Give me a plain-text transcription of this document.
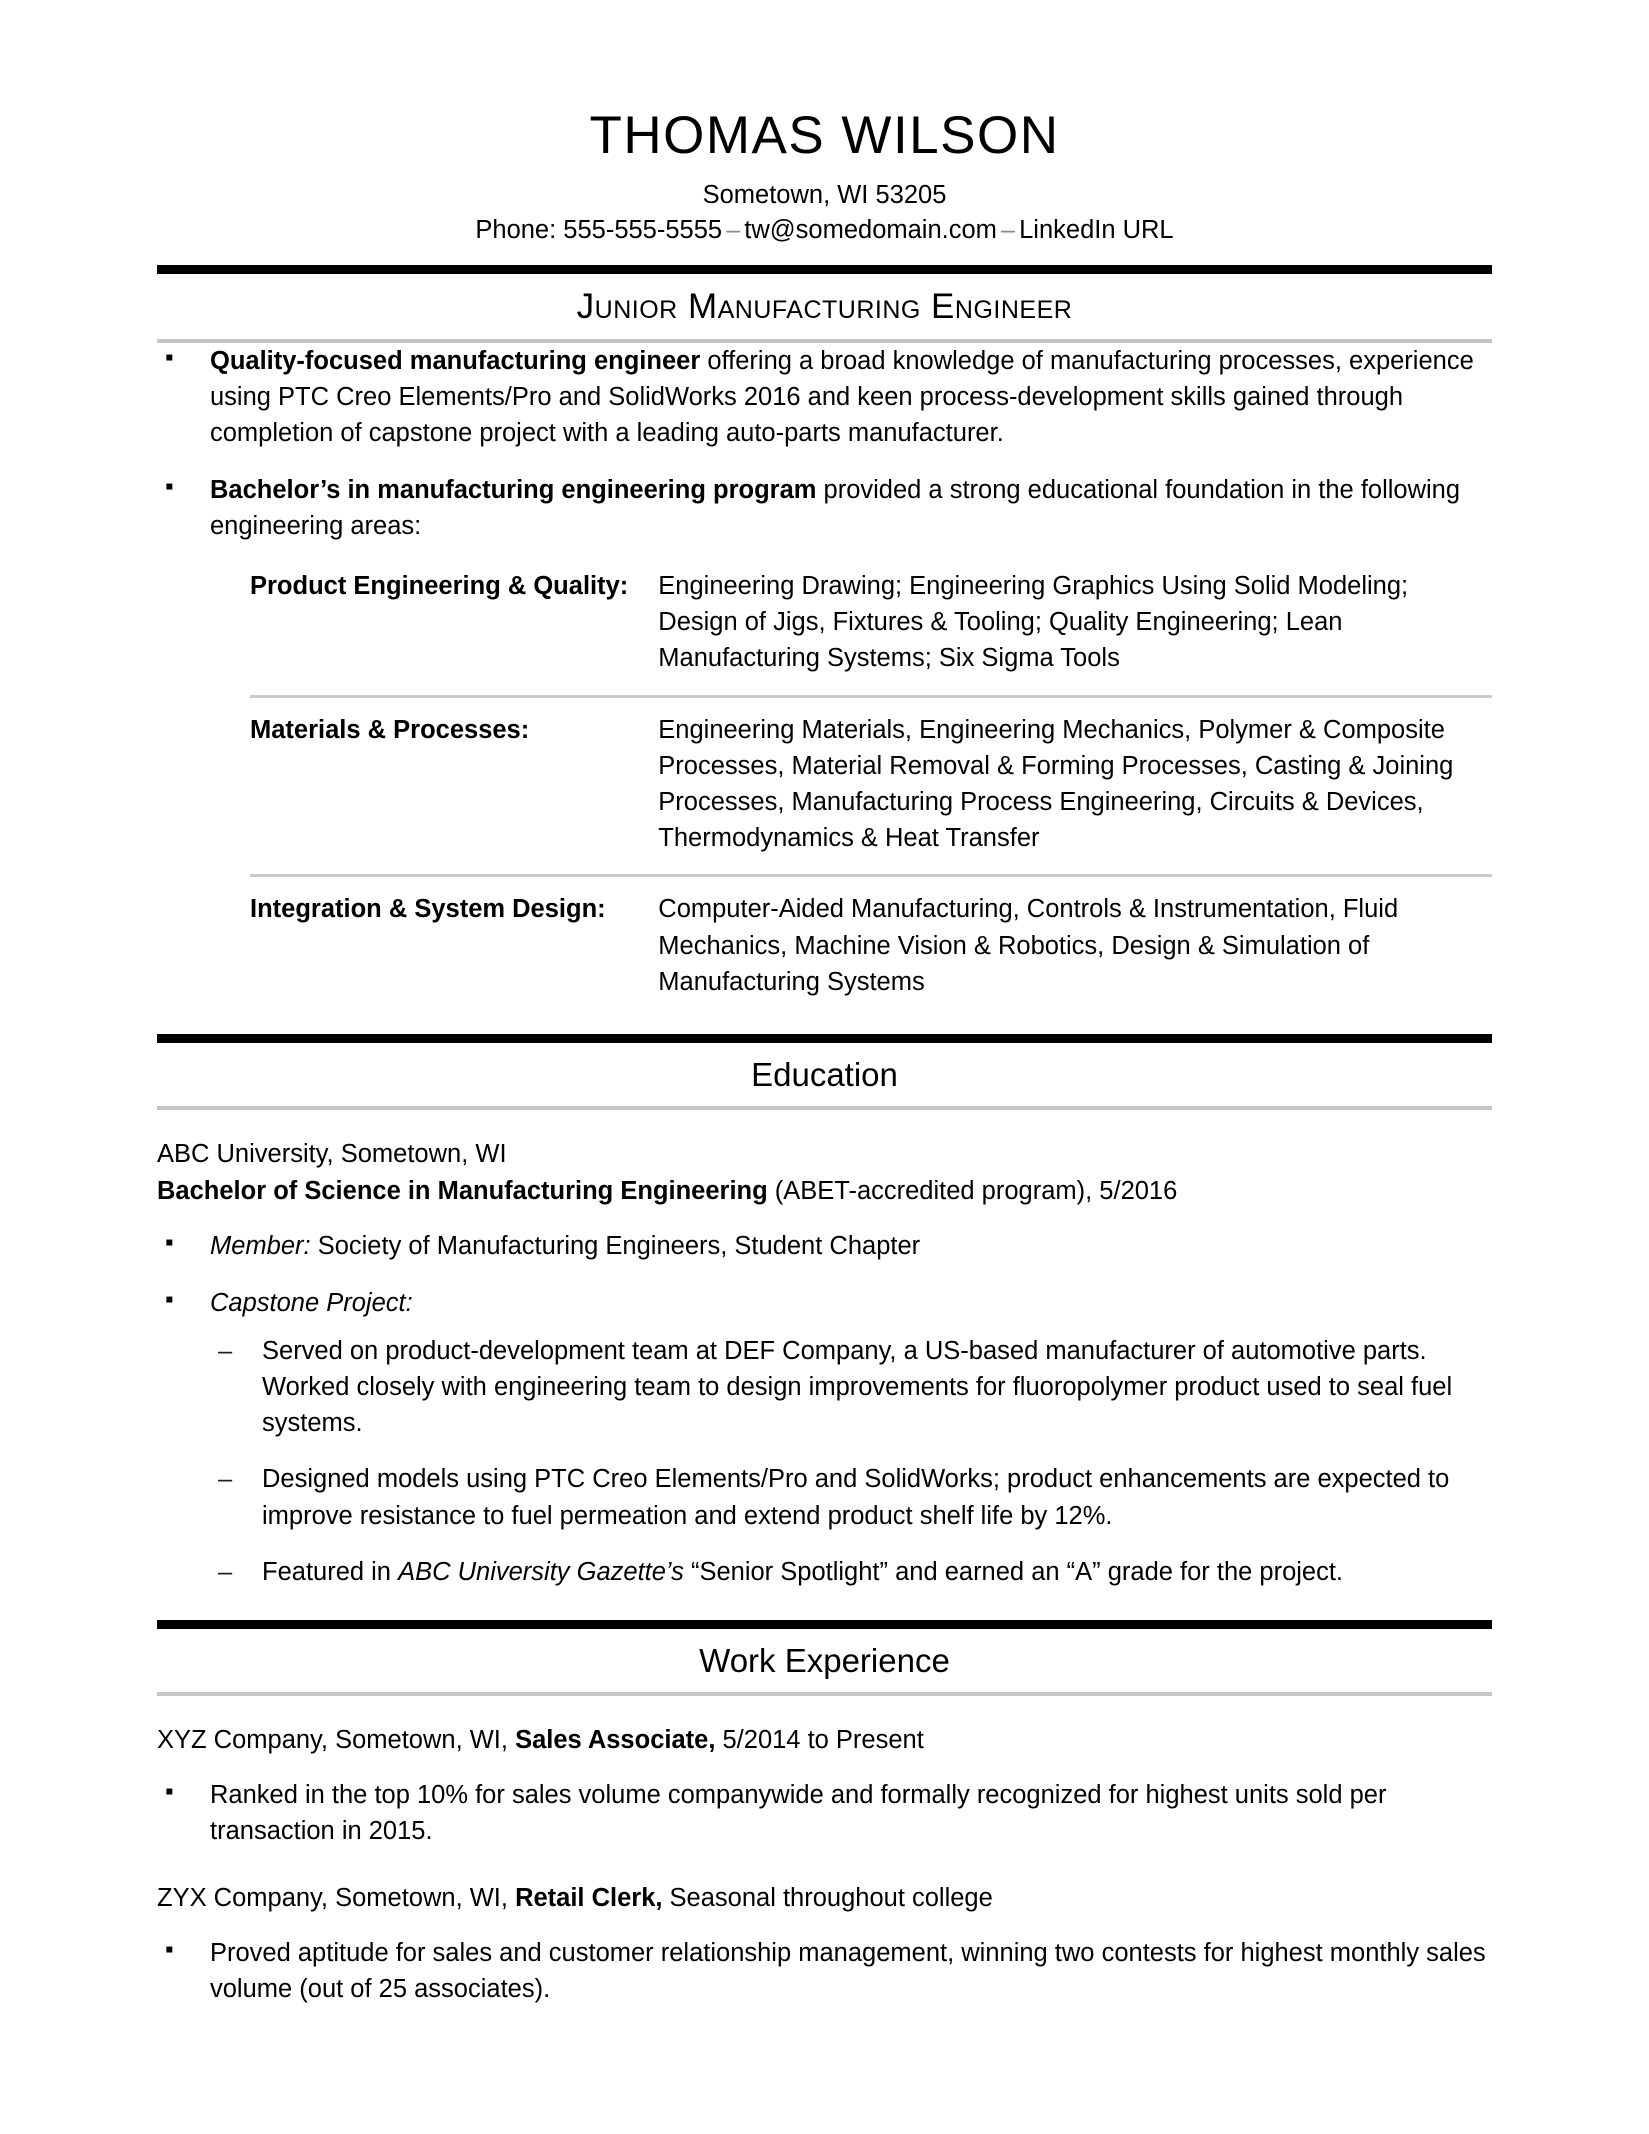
THOMAS WILSON
Sometown, WI 53205
Phone: 555-555-5555 – tw@somedomain.com – LinkedIn URL
Junior Manufacturing Engineer
▪ Quality-focused manufacturing engineer offering a broad knowledge of manufacturing processes, experience using PTC Creo Elements/Pro and SolidWorks 2016 and keen process-development skills gained through completion of capstone project with a leading auto-parts manufacturer.
▪ Bachelor’s in manufacturing engineering program provided a strong educational foundation in the following engineering areas:
Product Engineering & Quality:	Engineering Drawing; Engineering Graphics Using Solid Modeling; Design of Jigs, Fixtures & Tooling; Quality Engineering; Lean Manufacturing Systems; Six Sigma Tools

Materials & Processes:	Engineering Materials, Engineering Mechanics, Polymer & Composite Processes, Material Removal & Forming Processes, Casting & Joining Processes, Manufacturing Process Engineering, Circuits & Devices, Thermodynamics & Heat Transfer

Integration & System Design:	Computer-Aided Manufacturing, Controls & Instrumentation, Fluid Mechanics, Machine Vision & Robotics, Design & Simulation of Manufacturing Systems
Education
ABC University, Sometown, WI
Bachelor of Science in Manufacturing Engineering (ABET-accredited program), 5/2016
▪ Member: Society of Manufacturing Engineers, Student Chapter
▪ Capstone Project:
– Served on product-development team at DEF Company, a US-based manufacturer of automotive parts. Worked closely with engineering team to design improvements for fluoropolymer product used to seal fuel systems.
– Designed models using PTC Creo Elements/Pro and SolidWorks; product enhancements are expected to improve resistance to fuel permeation and extend product shelf life by 12%.
– Featured in ABC University Gazette’s “Senior Spotlight” and earned an “A” grade for the project.
Work Experience
XYZ Company, Sometown, WI, Sales Associate, 5/2014 to Present
▪ Ranked in the top 10% for sales volume companywide and formally recognized for highest units sold per transaction in 2015.
ZYX Company, Sometown, WI, Retail Clerk, Seasonal throughout college
▪ Proved aptitude for sales and customer relationship management, winning two contests for highest monthly sales volume (out of 25 associates).
